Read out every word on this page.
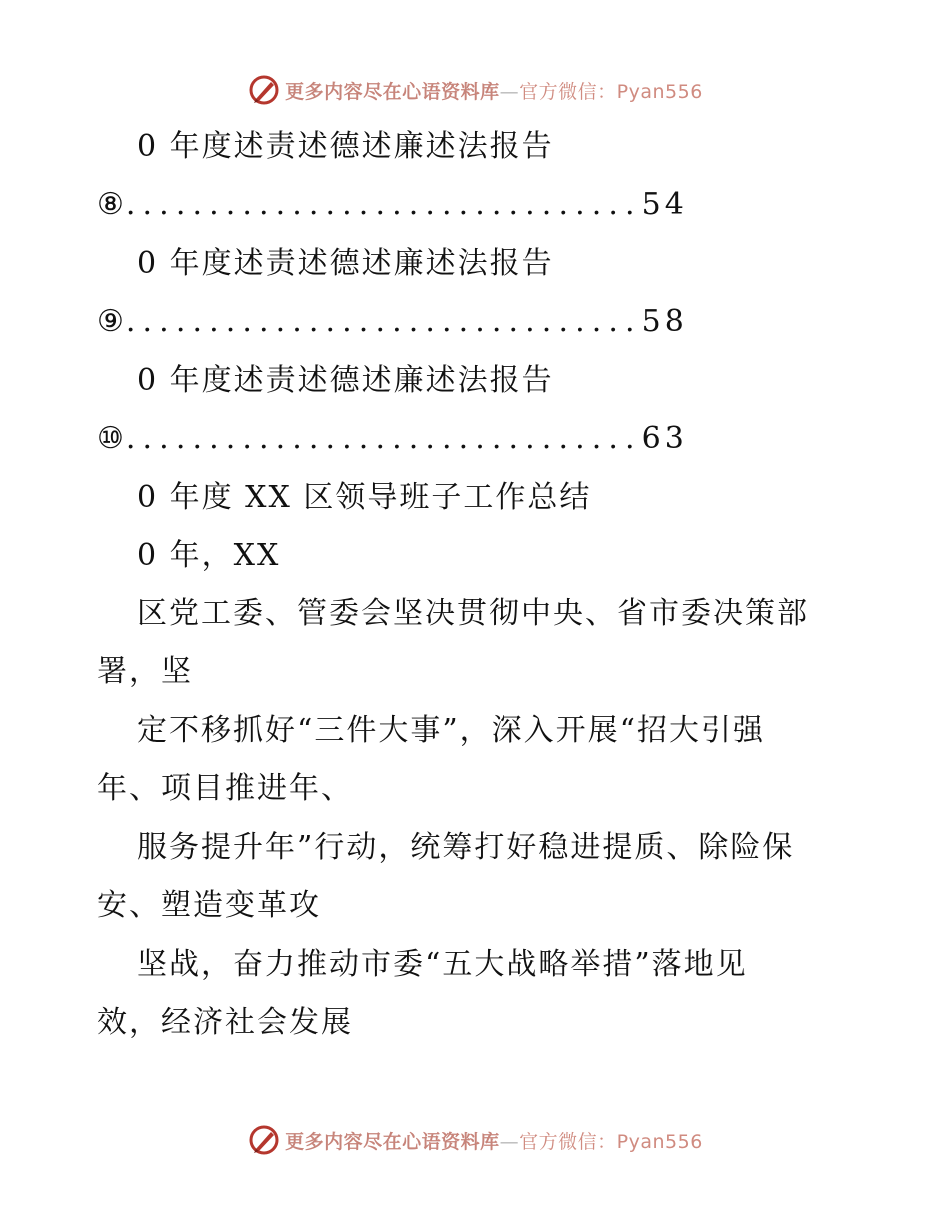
更多内容尽在心语资料库—官方微信：Pyan556
0 年度述责述德述廉述法报告
⑧ ............................... 54
0 年度述责述德述廉述法报告
⑨ ............................... 58
0 年度述责述德述廉述法报告
⑩ ............................... 63
0 年度 XX 区领导班子工作总结
0 年，XX
区党工委、管委会坚决贯彻中央、省市委决策部
署，坚
定不移抓好“三件大事”，深入开展“招大引强
年、项目推进年、
服务提升年”行动，统筹打好稳进提质、除险保
安、塑造变革攻
坚战，奋力推动市委“五大战略举措”落地见
效，经济社会发展
更多内容尽在心语资料库—官方微信：Pyan556
